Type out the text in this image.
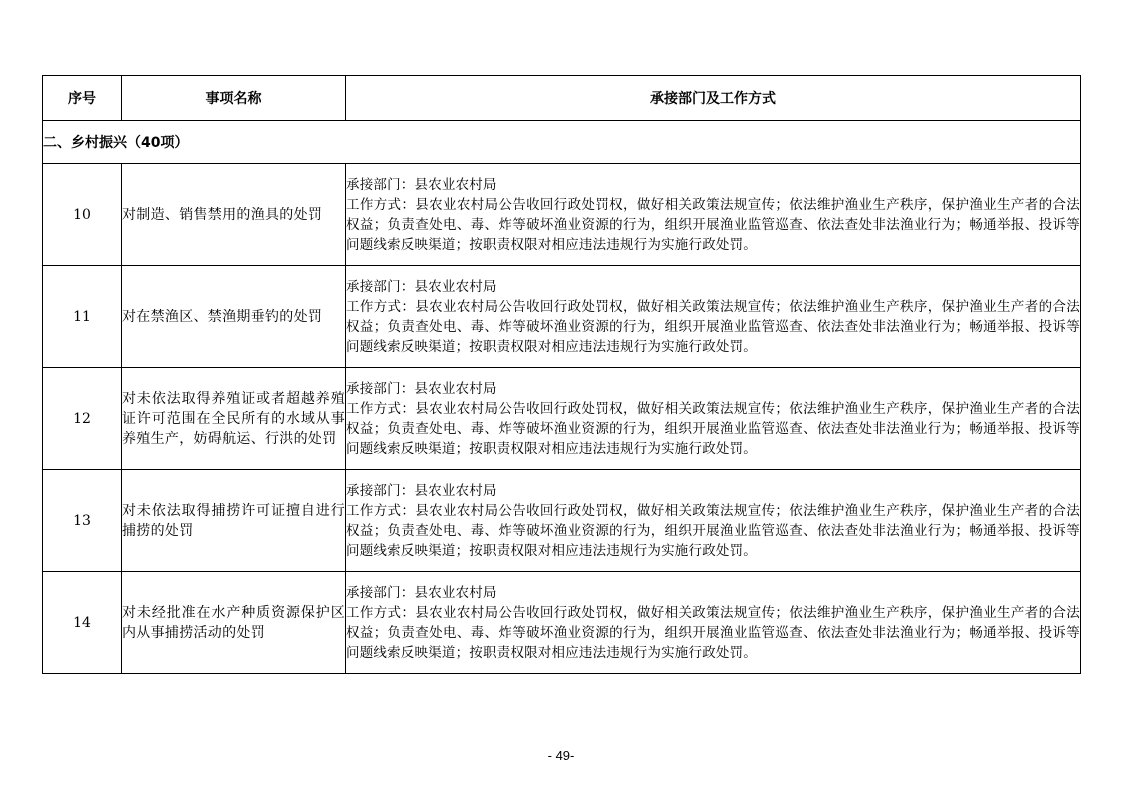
序号	事项名称	承接部门及工作方式
二、乡村振兴（40项）		
10	对制造、销售禁用的渔具的处罚	承接部门：县农业农村局
工作方式：县农业农村局公告收回行政处罚权，做好相关政策法规宣传；依法维护渔业生产秩序，保护渔业生产者的合法权益；负责查处电、毒、炸等破坏渔业资源的行为，组织开展渔业监管巡查、依法查处非法渔业行为；畅通举报、投诉等问题线索反映渠道；按职责权限对相应违法违规行为实施行政处罚。

11	对在禁渔区、禁渔期垂钓的处罚	承接部门：县农业农村局
工作方式：县农业农村局公告收回行政处罚权，做好相关政策法规宣传；依法维护渔业生产秩序，保护渔业生产者的合法权益；负责查处电、毒、炸等破坏渔业资源的行为，组织开展渔业监管巡查、依法查处非法渔业行为；畅通举报、投诉等问题线索反映渠道；按职责权限对相应违法违规行为实施行政处罚。

12	对未依法取得养殖证或者超越养殖证许可范围在全民所有的水域从事养殖生产，妨碍航运、行洪的处罚	承接部门：县农业农村局
工作方式：县农业农村局公告收回行政处罚权，做好相关政策法规宣传；依法维护渔业生产秩序，保护渔业生产者的合法权益；负责查处电、毒、炸等破坏渔业资源的行为，组织开展渔业监管巡查、依法查处非法渔业行为；畅通举报、投诉等问题线索反映渠道；按职责权限对相应违法违规行为实施行政处罚。

13	对未依法取得捕捞许可证擅自进行捕捞的处罚	承接部门：县农业农村局
工作方式：县农业农村局公告收回行政处罚权，做好相关政策法规宣传；依法维护渔业生产秩序，保护渔业生产者的合法权益；负责查处电、毒、炸等破坏渔业资源的行为，组织开展渔业监管巡查、依法查处非法渔业行为；畅通举报、投诉等问题线索反映渠道；按职责权限对相应违法违规行为实施行政处罚。

14	对未经批准在水产种质资源保护区内从事捕捞活动的处罚	承接部门：县农业农村局
工作方式：县农业农村局公告收回行政处罚权，做好相关政策法规宣传；依法维护渔业生产秩序，保护渔业生产者的合法权益；负责查处电、毒、炸等破坏渔业资源的行为，组织开展渔业监管巡查、依法查处非法渔业行为；畅通举报、投诉等问题线索反映渠道；按职责权限对相应违法违规行为实施行政处罚。
- 49-
